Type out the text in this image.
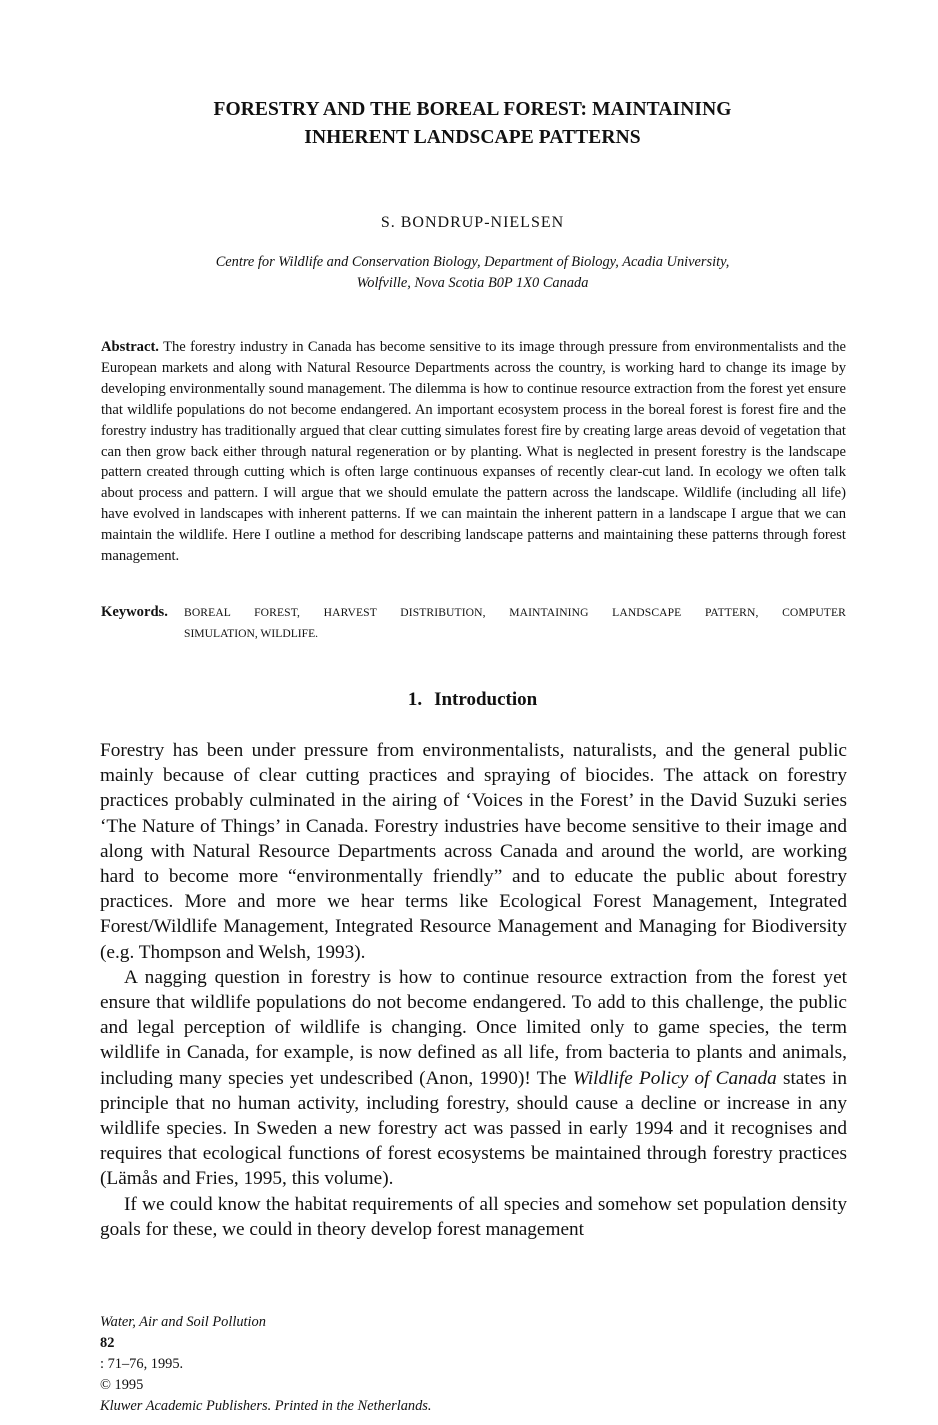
FORESTRY AND THE BOREAL FOREST: MAINTAINING
INHERENT LANDSCAPE PATTERNS
S. BONDRUP-NIELSEN
Centre for Wildlife and Conservation Biology, Department of Biology, Acadia University,
Wolfville, Nova Scotia B0P 1X0 Canada

Abstract. The forestry industry in Canada has become sensitive to its image through pressure from environmentalists and the European markets and along with Natural Resource Departments across the country, is working hard to change its image by developing environmentally sound management. The dilemma is how to continue resource extraction from the forest yet ensure that wildlife populations do not become endangered. An important ecosystem process in the boreal forest is forest fire and the forestry industry has traditionally argued that clear cutting simulates forest fire by creating large areas devoid of vegetation that can then grow back either through natural regeneration or by planting. What is neglected in present forestry is the landscape pattern created through cutting which is often large continuous expanses of recently clear-cut land. In ecology we often talk about process and pattern. I will argue that we should emulate the pattern across the landscape. Wildlife (including all life) have evolved in landscapes with inherent patterns. If we can maintain the inherent pattern in a landscape I argue that we can maintain the wildlife. Here I outline a method for describing landscape patterns and maintaining these patterns through forest management.

Keywords. BOREAL FOREST, HARVEST DISTRIBUTION, MAINTAINING LANDSCAPE PATTERN, COMPUTER
SIMULATION, WILDLIFE.
1. Introduction

Forestry has been under pressure from environmentalists, naturalists, and the general public mainly because of clear cutting practices and spraying of biocides. The attack on forestry practices probably culminated in the airing of ‘Voices in the Forest’ in the David Suzuki series ‘The Nature of Things’ in Canada. Forestry industries have become sensitive to their image and along with Natural Resource Departments across Canada and around the world, are working hard to become more “environmentally friendly” and to educate the public about forestry practices. More and more we hear terms like Ecological Forest Management, Integrated Forest/Wildlife Management, Integrated Resource Management and Managing for Biodiversity (e.g. Thompson and Welsh, 1993).

A nagging question in forestry is how to continue resource extraction from the forest yet ensure that wildlife populations do not become endangered. To add to this challenge, the public and legal perception of wildlife is changing. Once limited only to game species, the term wildlife in Canada, for example, is now defined as all life, from bacteria to plants and animals, including many species yet undescribed (Anon, 1990)! The Wildlife Policy of Canada states in principle that no human activity, including forestry, should cause a decline or increase in any wildlife species. In Sweden a new forestry act was passed in early 1994 and it recognises and requires that ecological functions of forest ecosystems be maintained through forestry practices (Lämås and Fries, 1995, this volume).

If we could know the habitat requirements of all species and somehow set population density goals for these, we could in theory develop forest management

Water, Air and Soil Pollution
82
: 71–76, 1995.
© 1995
Kluwer Academic Publishers. Printed in the Netherlands.
